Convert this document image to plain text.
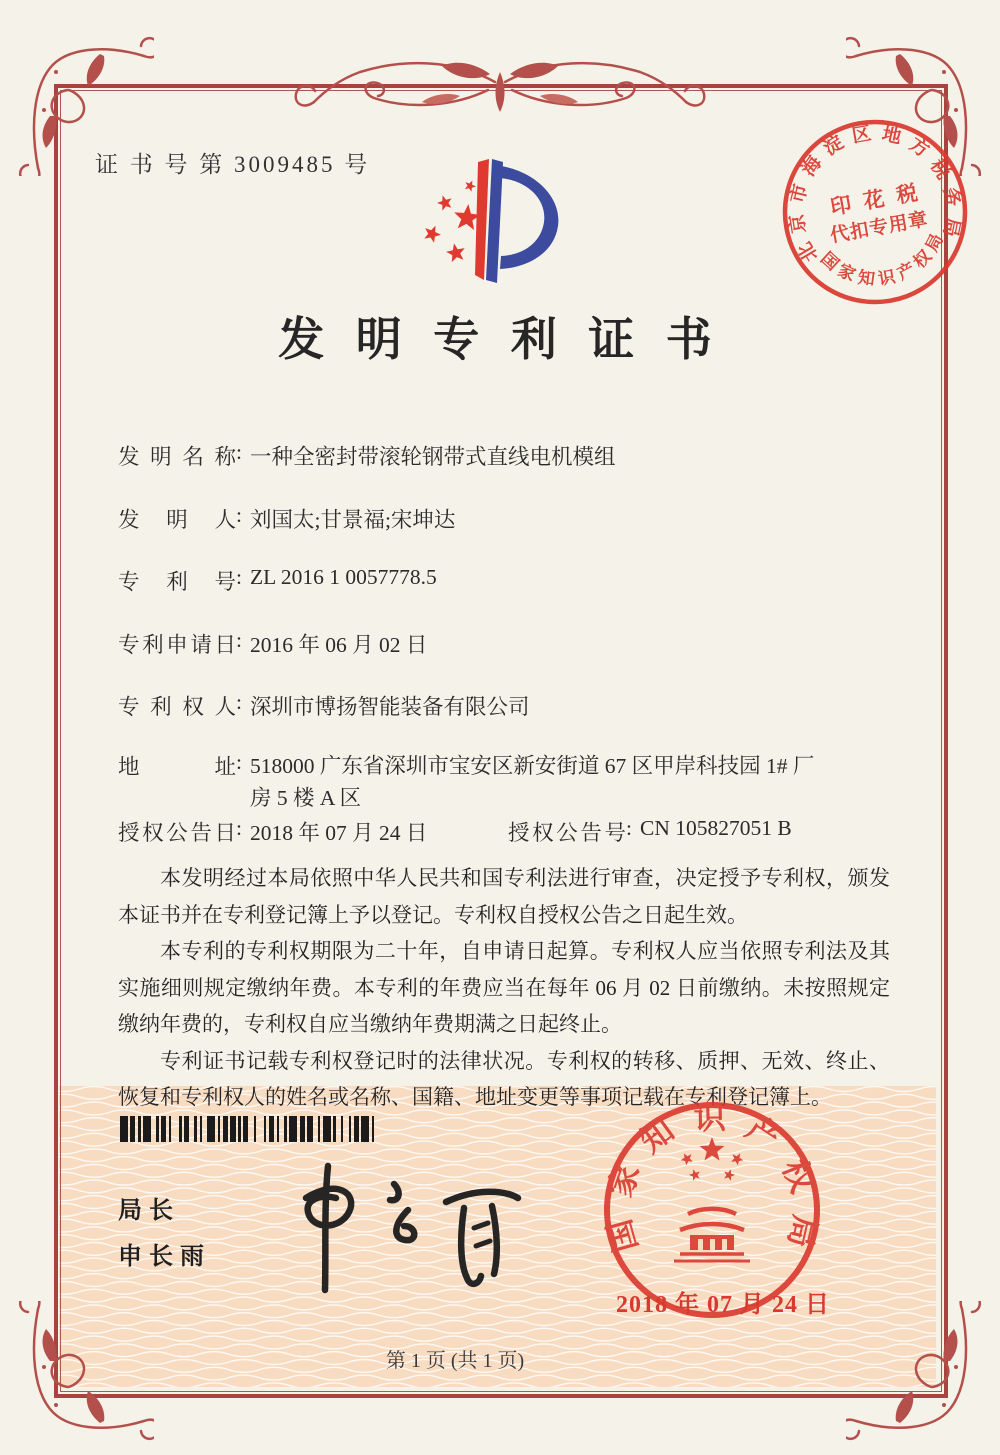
证 书 号 第 3009485 号
发 明 专 利 证 书
北京市海淀区地方税务局
国家知识产权局
印花税
代扣专用章
发明名称: 一种全密封带滚轮钢带式直线电机模组
发明人: 刘国太;甘景福;宋坤达
专利号: ZL 2016 1 0057778.5
专利申请日: 2016 年 06 月 02 日
专利权人: 深圳市博扬智能装备有限公司
地址: 518000 广东省深圳市宝安区新安街道 67 区甲岸科技园 1# 厂房 5 楼 A 区
授权公告日: 2018 年 07 月 24 日	授权公告号: CN 105827051 B

本发明经过本局依照中华人民共和国专利法进行审查，决定授予专利权，颁发本证书并在专利登记簿上予以登记。专利权自授权公告之日起生效。

本专利的专利权期限为二十年，自申请日起算。专利权人应当依照专利法及其实施细则规定缴纳年费。本专利的年费应当在每年 06 月 02 日前缴纳。未按照规定缴纳年费的，专利权自应当缴纳年费期满之日起终止。

专利证书记载专利权登记时的法律状况。专利权的转移、质押、无效、终止、恢复和专利权人的姓名或名称、国籍、地址变更等事项记载在专利登记簿上。

局长
申长雨
国家知识产权局
2018 年 07 月 24 日
第 1 页 (共 1 页)
